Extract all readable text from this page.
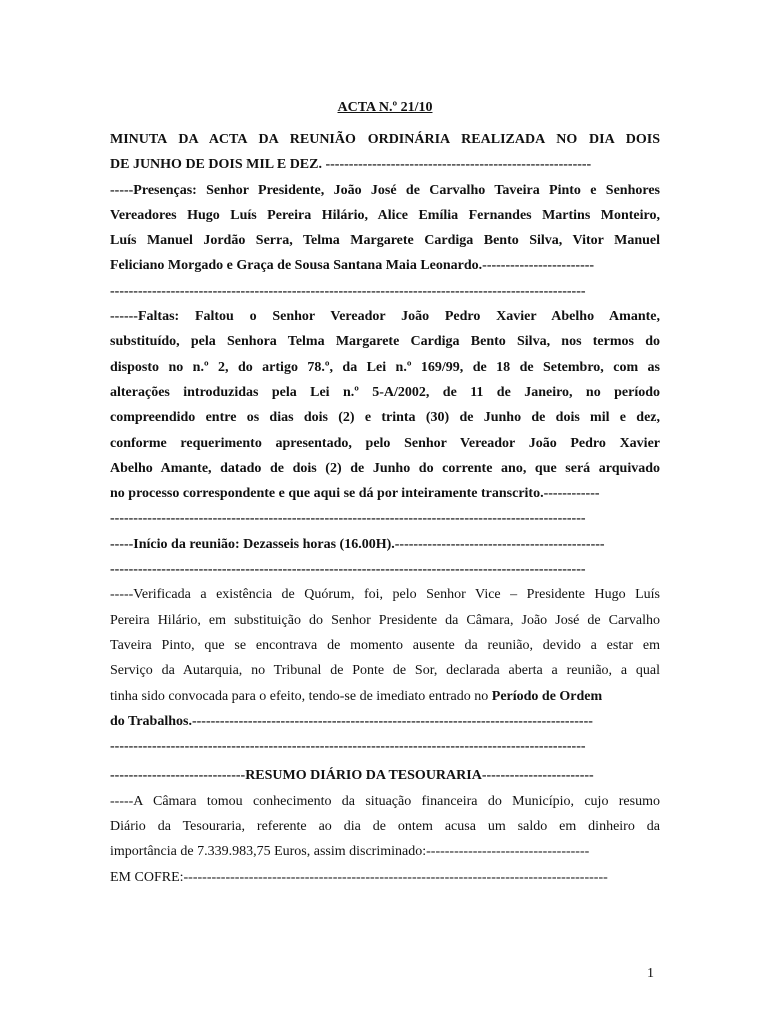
ACTA N.º 21/10
MINUTA DA ACTA DA REUNIÃO ORDINÁRIA REALIZADA NO DIA DOIS
DE JUNHO DE DOIS MIL E DEZ. ---------------------------------------------------------
-----Presenças: Senhor Presidente, João José de Carvalho Taveira Pinto e Senhores
Vereadores Hugo Luís Pereira Hilário, Alice Emília Fernandes Martins Monteiro,
Luís Manuel Jordão Serra, Telma Margarete Cardiga Bento Silva, Vitor Manuel
Feliciano Morgado e Graça de Sousa Santana Maia Leonardo.------------------------
------------------------------------------------------------------------------------------------------
------Faltas: Faltou o Senhor Vereador João Pedro Xavier Abelho Amante,
substituído, pela Senhora Telma Margarete Cardiga Bento Silva, nos termos do
disposto no n.º 2, do artigo 78.º, da Lei n.º 169/99, de 18 de Setembro, com as
alterações introduzidas pela Lei n.º 5-A/2002, de 11 de Janeiro, no período
compreendido entre os dias dois (2) e trinta (30) de Junho de dois mil e dez,
conforme requerimento apresentado, pelo Senhor Vereador João Pedro Xavier
Abelho Amante, datado de dois (2) de Junho do corrente ano, que será arquivado
no processo correspondente e que aqui se dá por inteiramente transcrito.------------
------------------------------------------------------------------------------------------------------
-----Início da reunião: Dezasseis horas (16.00H).---------------------------------------------
------------------------------------------------------------------------------------------------------
-----Verificada a existência de Quórum, foi, pelo Senhor Vice – Presidente Hugo Luís
Pereira Hilário, em substituição do Senhor Presidente da Câmara, João José de Carvalho
Taveira Pinto, que se encontrava de momento ausente da reunião, devido a estar em
Serviço da Autarquia, no Tribunal de Ponte de Sor, declarada aberta a reunião, a qual
tinha sido convocada para o efeito, tendo-se de imediato entrado no Período de Ordem
do Trabalhos.--------------------------------------------------------------------------------------
------------------------------------------------------------------------------------------------------
-----------------------------RESUMO DIÁRIO DA TESOURARIA------------------------
-----A Câmara tomou conhecimento da situação financeira do Município, cujo resumo
Diário da Tesouraria, referente ao dia de ontem acusa um saldo em dinheiro da
importância de 7.339.983,75 Euros, assim discriminado:-----------------------------------
EM COFRE:-------------------------------------------------------------------------------------------
1
